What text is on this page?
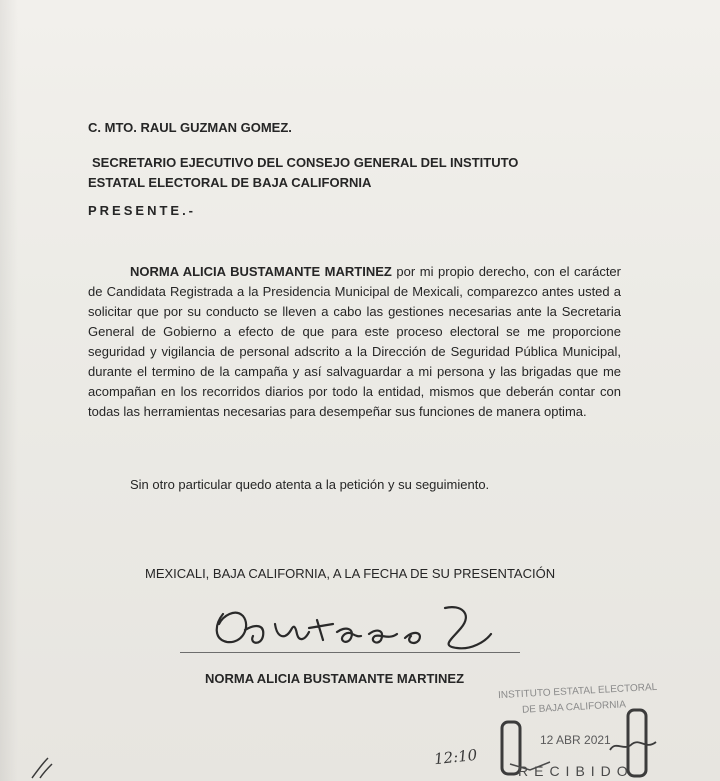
C. MTO. RAUL GUZMAN GOMEZ.
SECRETARIO EJECUTIVO DEL CONSEJO GENERAL DEL INSTITUTO
ESTATAL ELECTORAL DE BAJA CALIFORNIA
PRESENTE.-

NORMA ALICIA BUSTAMANTE MARTINEZ por mi propio derecho, con el carácter de Candidata Registrada a la Presidencia Municipal de Mexicali, comparezco antes usted a solicitar que por su conducto se lleven a cabo las gestiones necesarias ante la Secretaria General de Gobierno a efecto de que para este proceso electoral se me proporcione seguridad y vigilancia de personal adscrito a la Dirección de Seguridad Pública Municipal, durante el termino de la campaña y así salvaguardar a mi persona y las brigadas que me acompañan en los recorridos diarios por todo la entidad, mismos que deberán contar con todas las herramientas necesarias para desempeñar sus funciones de manera optima.

Sin otro particular quedo atenta a la petición y su seguimiento.
MEXICALI, BAJA CALIFORNIA, A LA FECHA DE SU PRESENTACIÓN
NORMA ALICIA BUSTAMANTE MARTINEZ
INSTITUTO ESTATAL ELECTORAL
DE BAJA CALIFORNIA
12 ABR 2021
RECIBIDO
12:10
